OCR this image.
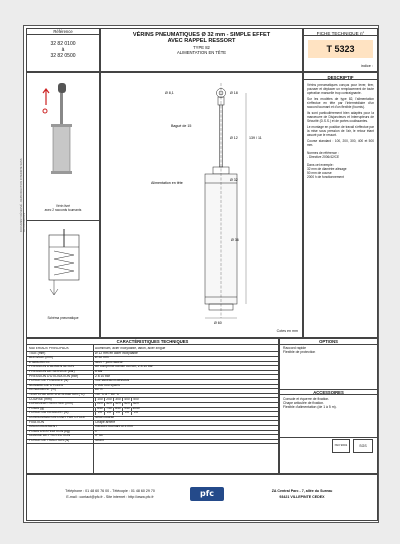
Référence
32 82 0100
à
32 82 0500
VÉRINS PNEUMATIQUES Ø 32 mm - SIMPLE EFFET
AVEC RAPPEL RESSORT
TYPE 82
ALIMENTATION EN TÊTE
FICHE TECHNIQUE n°
T 5323
indice :
Vérin livré
avec 2 raccords tournants
Schéma pneumatique
DOCUMENT RÉSERVÉ - REPRODUCTION INTERDITE SANS AUTORISATION
Ø 8,1	Ø 18
Bagué de 15
Ø 12	139 / 11
Ø 32
Alimentation en tête
Ø 36
Ø 60
Cotes en mm
DESCRIPTIF

Vérins pneumatiques conçus pour lever, tirer, pousser et déplacer un remplacement de toute opération manuelle trop contraignante.

Sur les modèles de type 82, l'alimentation s'effectue en tête par l'intermédiaire d'un raccord tournant et d'un flexible (fournis).

Ils sont particulièrement bien adaptés pour la manœuvre de Disjoncteurs et Interrupteurs de Sécurité (D.S.S.) et de portes coulissantes.

Le montage en position de travail s'effectue par la mise sous pression de l'air, le retour étant assuré par le ressort.

Course standard : 100, 200, 300, 400 et 500 mm.

Normes de référence :

- Directive 2006/42/CE

Dans cet exemple :

32 mm de diamètre alésage

50 mm de course

2000 h de fonctionnement

CARACTÉRISTIQUES TECHNIQUES
MATÉRIAUX PRINCIPAUX	Aluminium, acier inoxydable, laiton, acier zingué
TIGE (mm)	Ø 12 mm en acier inoxydable
ALÉSAGE (mm)	Ø 32 mm
ÉTANCHÉITÉ	NBR + joint racleur
PRESSION D'ALIMENTATION	Air comprimé lubrifié ou non, 2 à 10 bar
PRESSION DE SERVICE (bar)	6 bar
PRESSION D'UTILISATION (bar)	2 à 10 bar
FORCE DE POUSSÉE (N)	Voir tableau ci-dessous
NOMBRE DE CYCLES	1 000 000 cycles
RENDEMENT (%)	80 %
TEMPÉRATURE D'UTILISATION (°C)	-10 °C à + 60 °C
COURSE (mm)	100 200 300 400 500
LONGUEUR RENTRÉE (mm)	229 329 429 529 629
POIDS (g)	640 740 840 940 1040
FORCE DU RESSORT (N)	25 25 25 25 25
CONSOMMATION D'AIR PAR CYCLE	Selon course
FIXATION	Chape arrière
RACCORDEMENT	Raccord tournant Ø 4 mm
POIDS D'EXPÉDITION (kg)	1
CLASSE DE PROTECTION	IP 54
FORCE DE TRACTION (N)	Néant
OPTIONS
Raccord rapide
Flexible de protection
ACCESSOIRES
Console et équerre de fixation.
Chape articulée de fixation.
Flexible d'alimentation (de 1 à 5 m).
ISO 9001	SGS
Téléphone : 01 48 60 76 00 - Télécopie : 01 48 60 29 70
E-mail : contact@pfc.fr - Site internet : http://www.pfc.fr	pfc	ZA Central Parc - 7, allée du Sureau
93421 VILLEPINTE CEDEX
